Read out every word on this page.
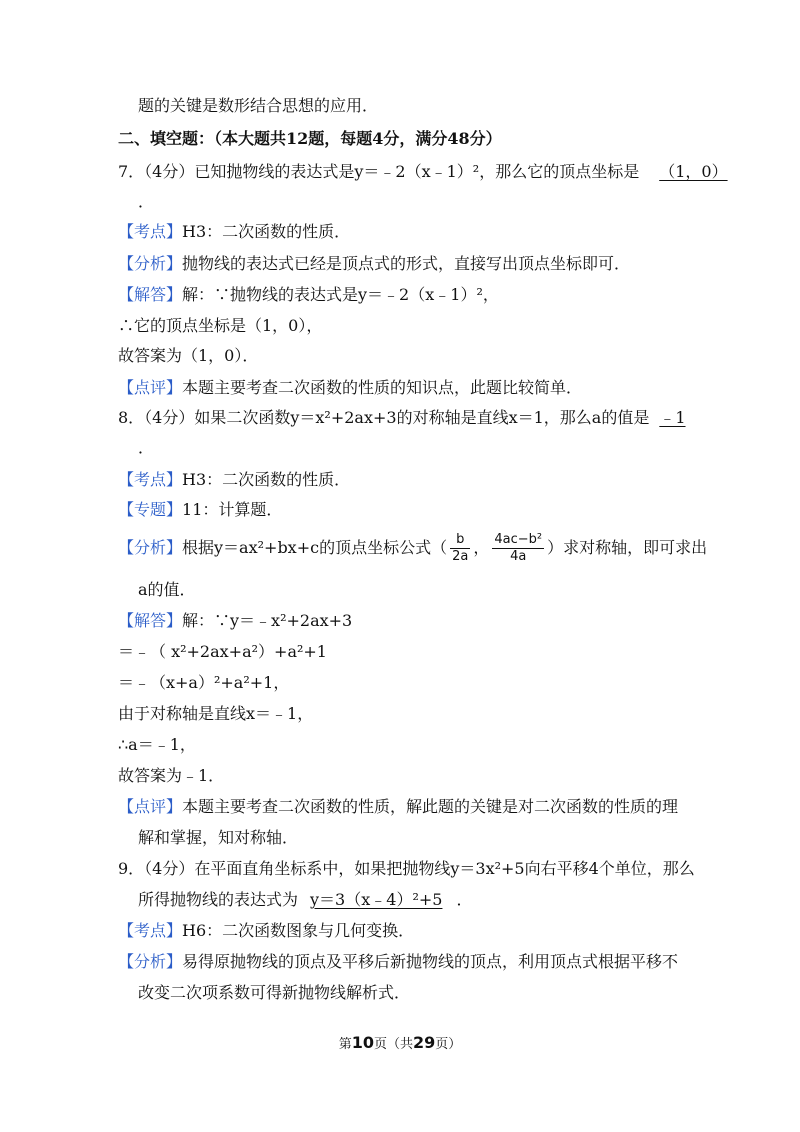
题的关键是数形结合思想的应用．
二、填空题：（本大题共12题，每题4分，满分48分）
7．（4分）已知抛物线的表达式是y＝﹣2（x﹣1）²，那么它的顶点坐标是 （1，0）
．
【考点】H3：二次函数的性质．
【分析】抛物线的表达式已经是顶点式的形式，直接写出顶点坐标即可．
【解答】解：∵抛物线的表达式是y＝﹣2（x﹣1）²，
∴它的顶点坐标是（1，0），
故答案为（1，0）．
【点评】本题主要考查二次函数的性质的知识点，此题比较简单．
8．（4分）如果二次函数y＝x²+2ax+3的对称轴是直线x＝1，那么a的值是 ﹣1
．
【考点】H3：二次函数的性质．
【专题】11：计算题．
【分析】根据y＝ax²+bx+c的顶点坐标公式（ $\frac{b}{2a}$ ， $\frac{\text{4ac−b²}}{4a}$ ）求对称轴，即可求出
a的值．
【解答】解：∵y＝﹣x²+2ax+3
＝﹣（ x²+2ax+a²）+a²+1
＝﹣（x+a）²+a²+1，
由于对称轴是直线x＝﹣1，
∴a＝﹣1，
故答案为﹣1．
【点评】本题主要考查二次函数的性质，解此题的关键是对二次函数的性质的理
解和掌握，知对称轴．
9．（4分）在平面直角坐标系中，如果把抛物线y＝3x²+5向右平移4个单位，那么
所得抛物线的表达式为 y＝3（x﹣4）²+5 ．
【考点】H6：二次函数图象与几何变换．
【分析】易得原抛物线的顶点及平移后新抛物线的顶点，利用顶点式根据平移不
改变二次项系数可得新抛物线解析式．
第10页（共29页）
